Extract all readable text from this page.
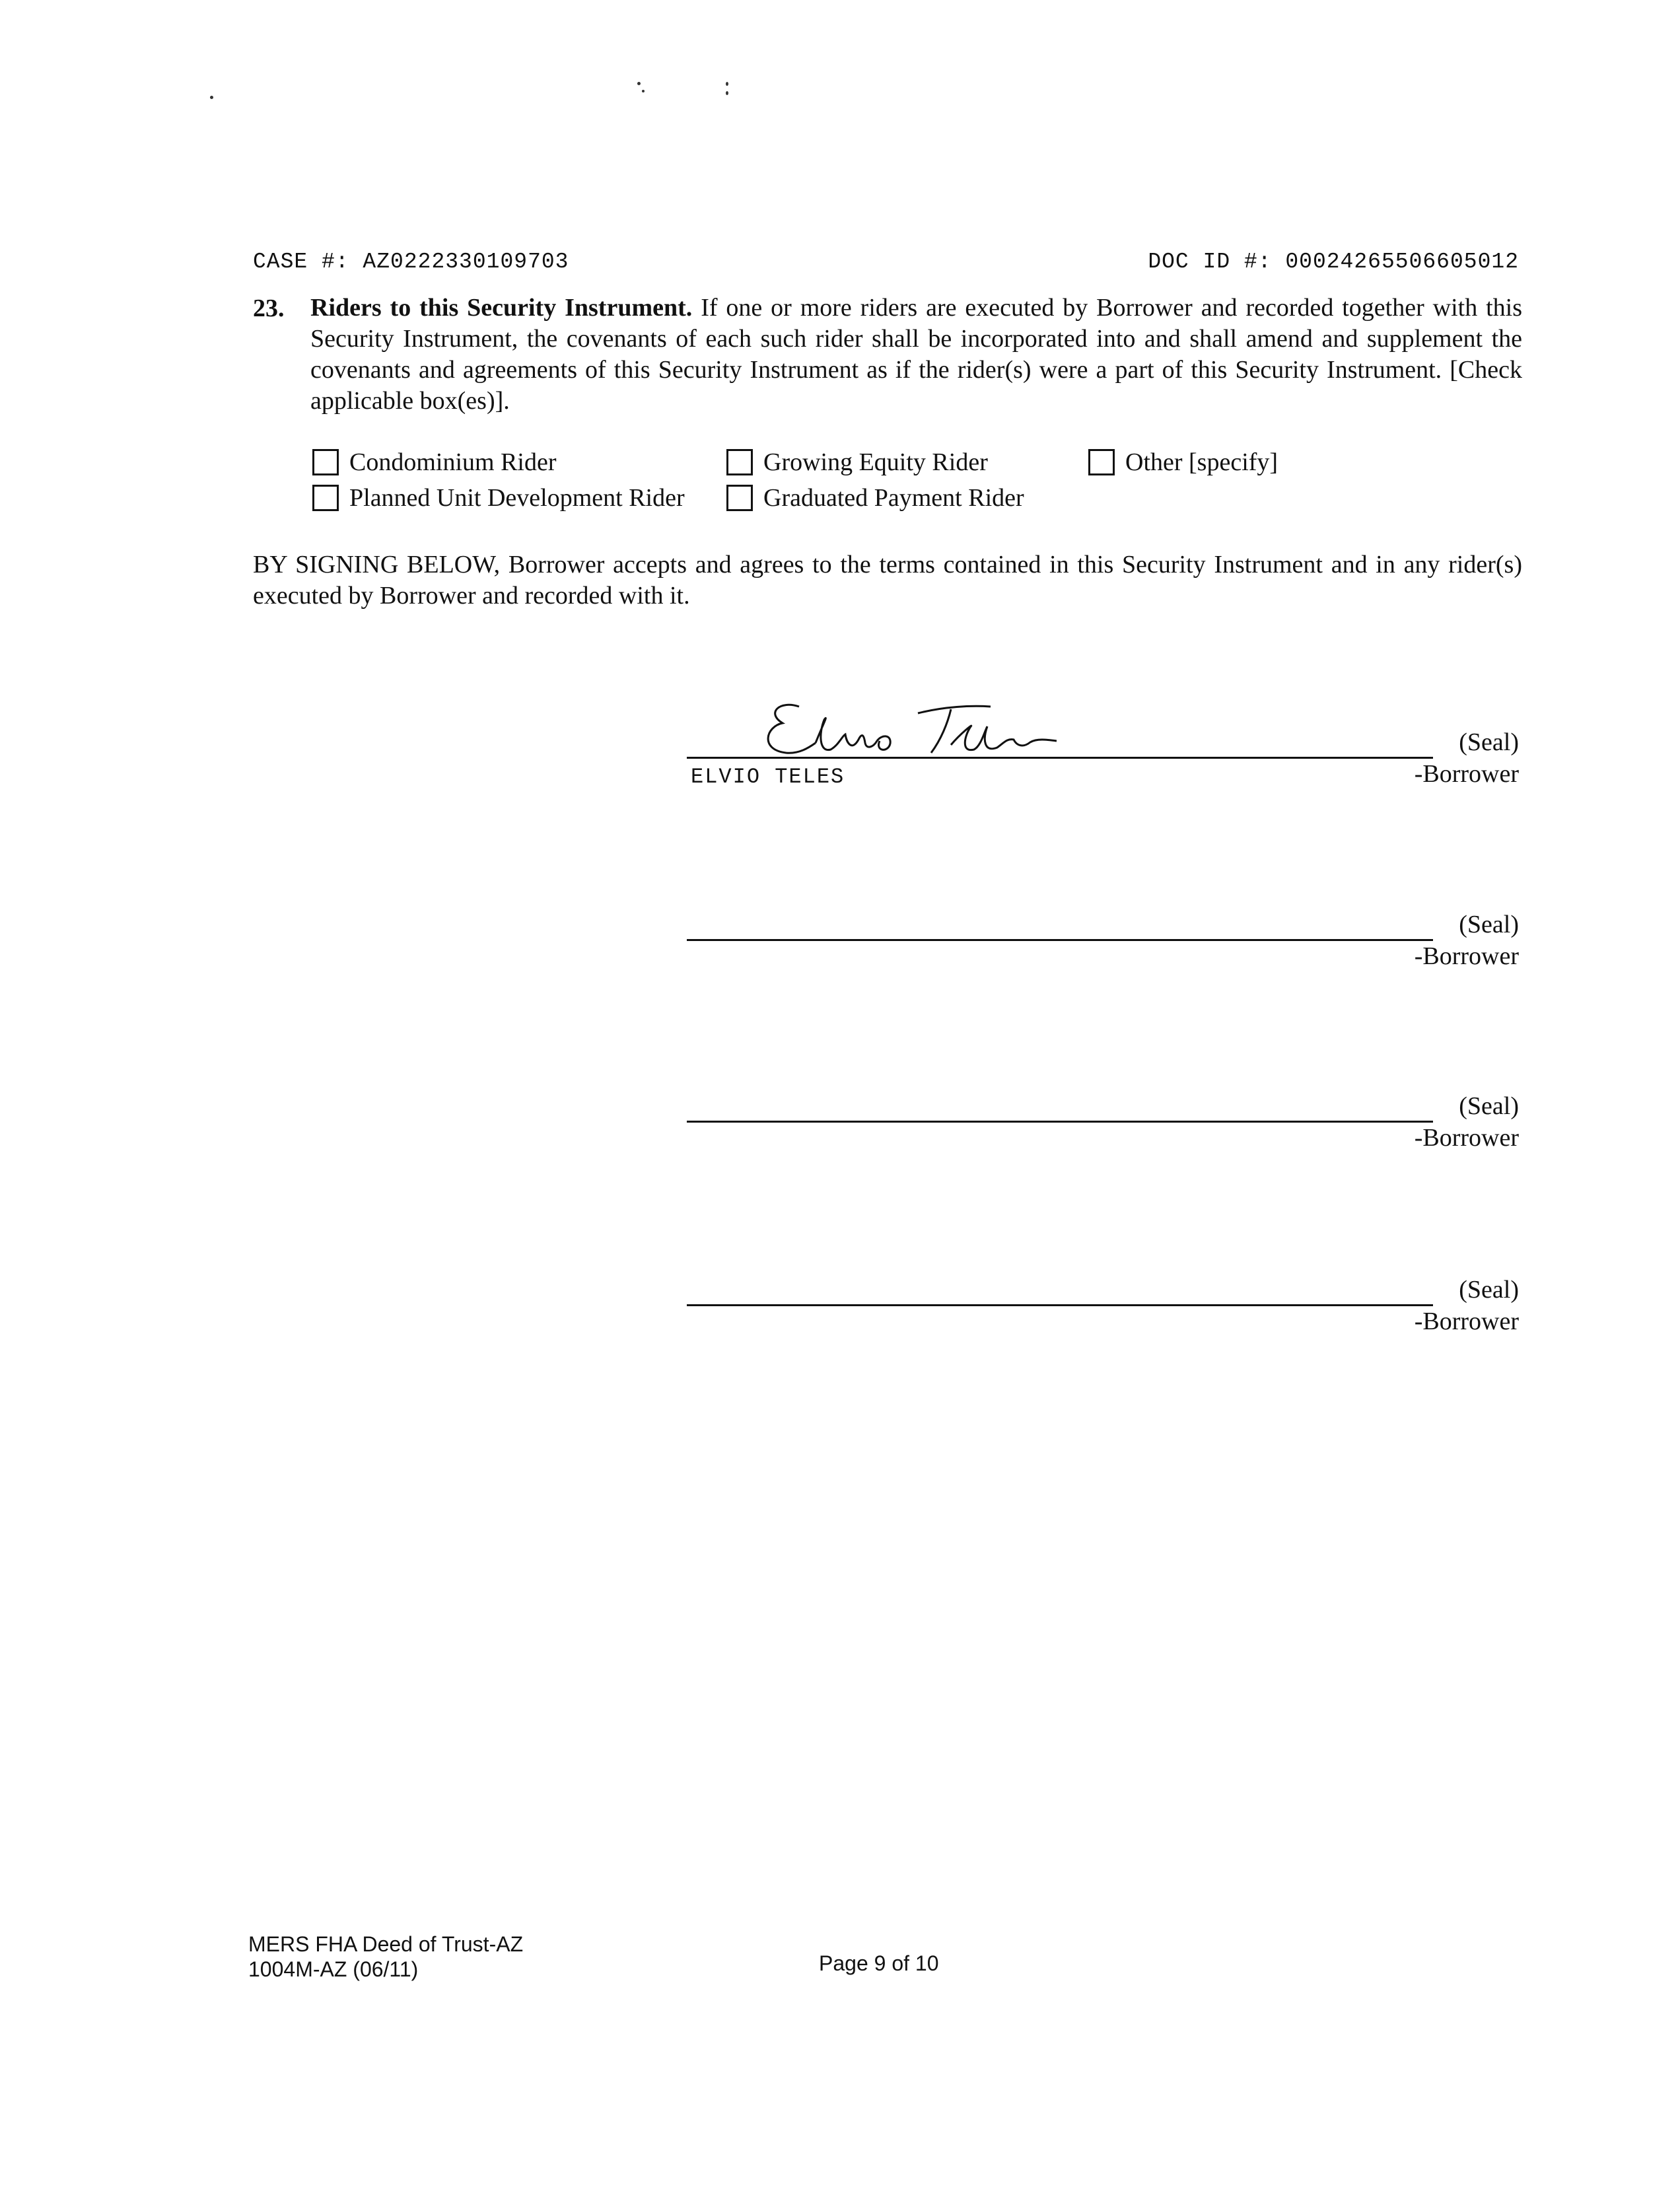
CASE #: AZ0222330109703	DOC ID #: 00024265506605012
23. Riders to this Security Instrument. If one or more riders are executed by Borrower and recorded together with this Security Instrument, the covenants of each such rider shall be incorporated into and shall amend and supplement the covenants and agreements of this Security Instrument as if the rider(s) were a part of this Security Instrument. [Check applicable box(es)].
Condominium Rider	Growing Equity Rider	Other [specify]
Planned Unit Development Rider	Graduated Payment Rider
BY SIGNING BELOW, Borrower accepts and agrees to the terms contained in this Security Instrument and in any rider(s) executed by Borrower and recorded with it.
(Seal)
ELVIO TELES	-Borrower
(Seal)
-Borrower
(Seal)
-Borrower
(Seal)
-Borrower
MERS FHA Deed of Trust-AZ
1004M-AZ (06/11)	Page 9 of 10
